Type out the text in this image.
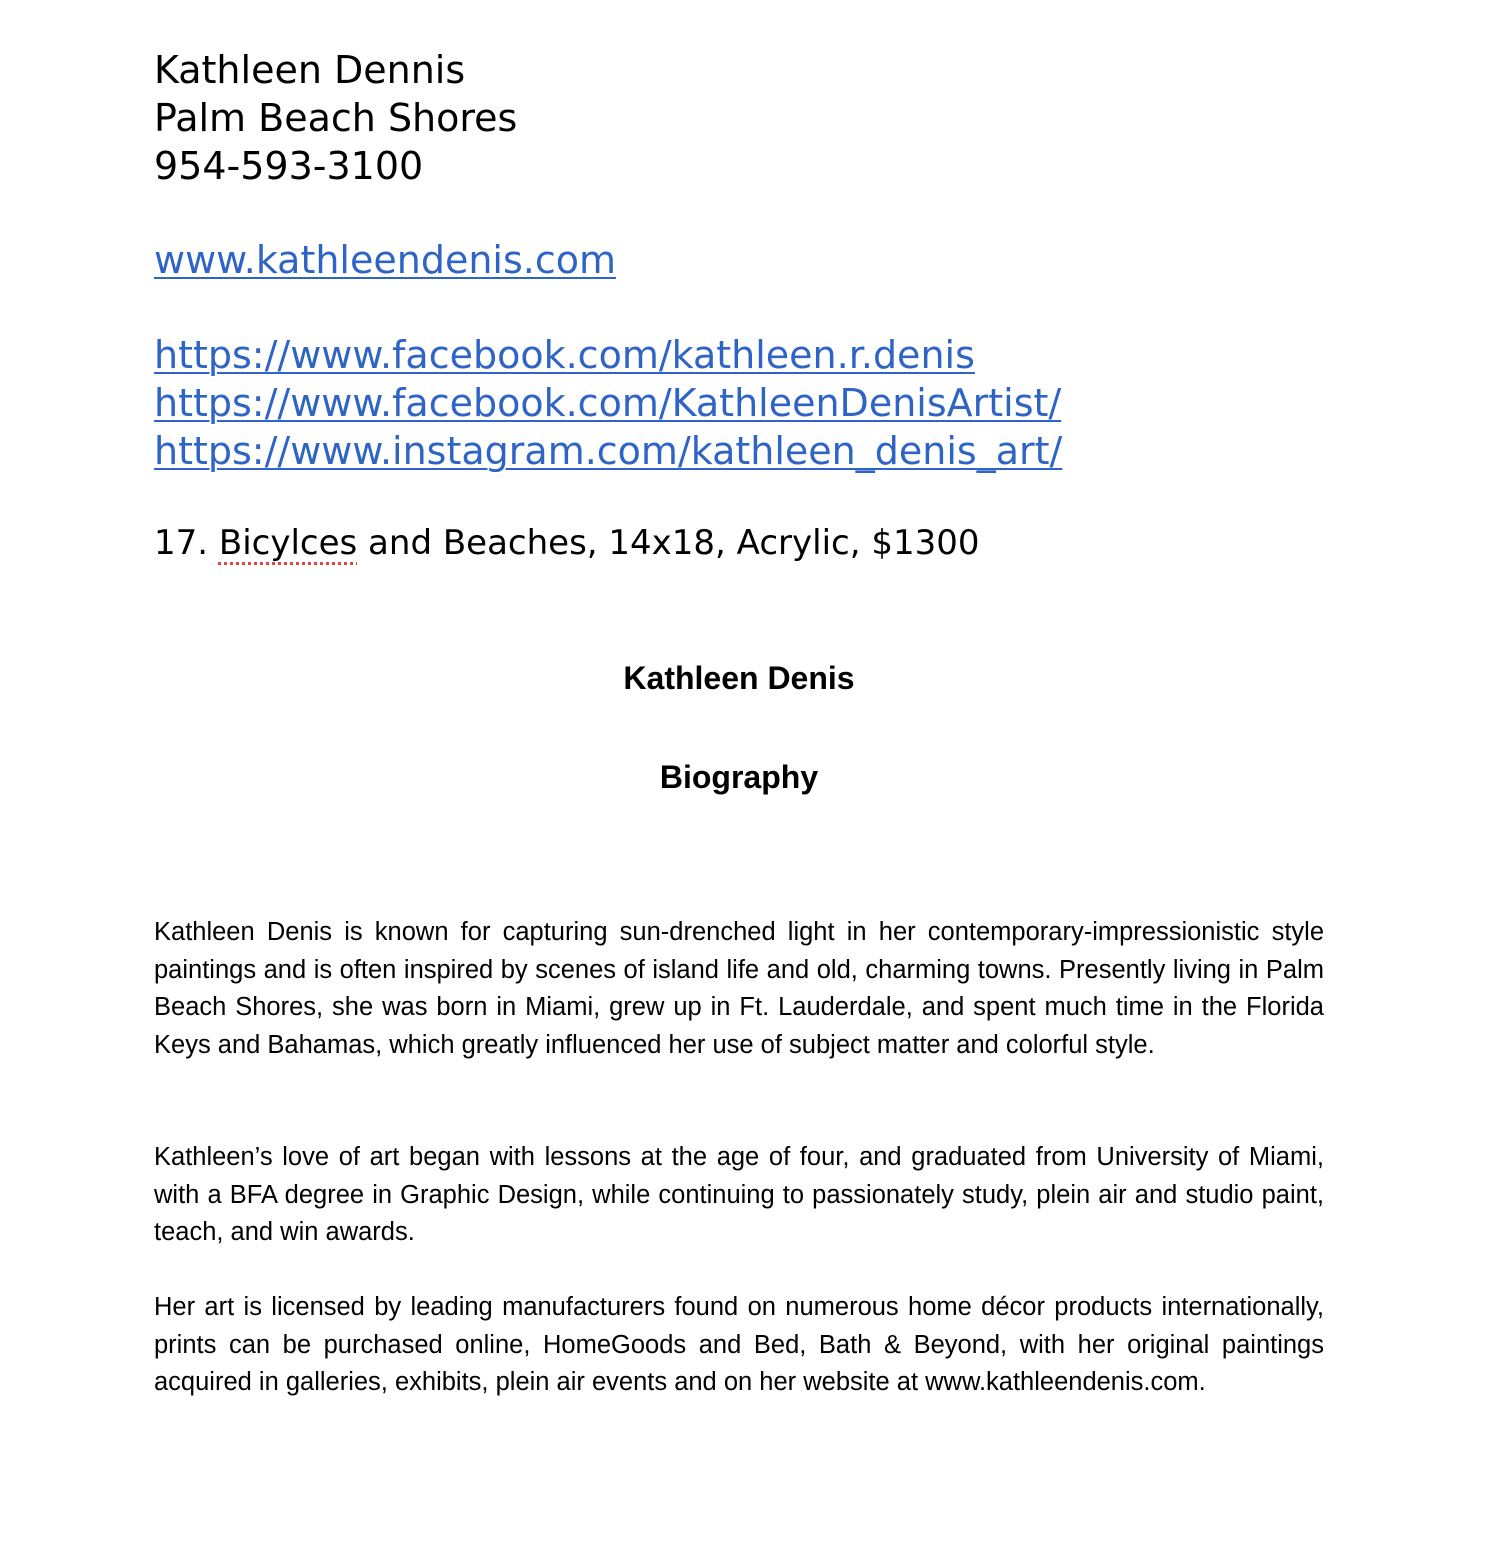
Kathleen Dennis
Palm Beach Shores
954-593-3100
www.kathleendenis.com
https://www.facebook.com/kathleen.r.denis
https://www.facebook.com/KathleenDenisArtist/
https://www.instagram.com/kathleen_denis_art/
17. Bicylces and Beaches, 14x18, Acrylic, $1300
Kathleen Denis
Biography

Kathleen Denis is known for capturing sun-drenched light in her contemporary-impressionistic style paintings and is often inspired by scenes of island life and old, charming towns. Presently living in Palm Beach Shores, she was born in Miami, grew up in Ft. Lauderdale, and spent much time in the Florida Keys and Bahamas, which greatly influenced her use of subject matter and colorful style.

Kathleen’s love of art began with lessons at the age of four, and graduated from University of Miami, with a BFA degree in Graphic Design, while continuing to passionately study, plein air and studio paint, teach, and win awards.

Her art is licensed by leading manufacturers found on numerous home décor products internationally, prints can be purchased online, HomeGoods and Bed, Bath & Beyond, with her original paintings acquired in galleries, exhibits, plein air events and on her website at www.kathleendenis.com.
